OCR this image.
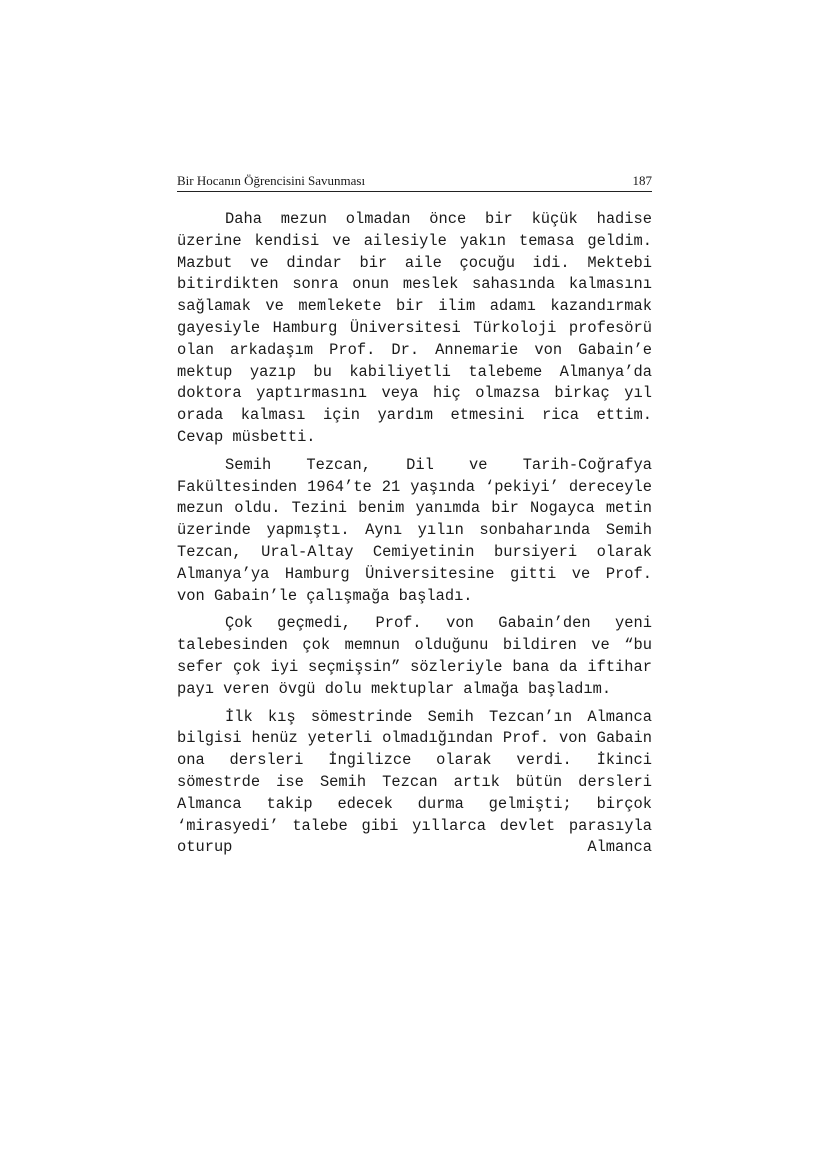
Bir Hocanın Öğrencisini Savunması	187

Daha mezun olmadan önce bir küçük hadise üzerine kendisi ve ailesiyle yakın temasa geldim. Mazbut ve dindar bir aile çocuğu idi. Mektebi bitirdikten sonra onun meslek sahasında kalmasını sağlamak ve memlekete bir ilim adamı kazandırmak gayesiyle Hamburg Üniversitesi Türkoloji profesörü olan arkadaşım Prof. Dr. Annemarie von Gabain’e mektup yazıp bu kabiliyetli talebeme Almanya’da doktora yaptırmasını veya hiç olmazsa birkaç yıl orada kalması için yardım etmesini rica ettim. Cevap müsbetti.

Semih Tezcan, Dil ve Tarih-Coğrafya Fakültesinden 1964’te 21 yaşında ‘pekiyi’ dereceyle mezun oldu. Tezini benim yanımda bir Nogayca metin üzerinde yapmıştı. Aynı yılın sonbaharında Semih Tezcan, Ural-Altay Cemiyetinin bursiyeri olarak Almanya’ya Hamburg Üniversitesine gitti ve Prof. von Gabain’le çalışmağa başladı.

Çok geçmedi, Prof. von Gabain’den yeni talebesinden çok memnun olduğunu bildiren ve “bu sefer çok iyi seçmişsin” sözleriyle bana da iftihar payı veren övgü dolu mektuplar almağa başladım.

İlk kış sömestrinde Semih Tezcan’ın Almanca bilgisi henüz yeterli olmadığından Prof. von Gabain ona dersleri İngilizce olarak verdi. İkinci sömestrde ise Semih Tezcan artık bütün dersleri Almanca takip edecek durma gelmişti; birçok ‘mirasyedi’ talebe gibi yıllarca devlet parasıyla oturup Almanca
